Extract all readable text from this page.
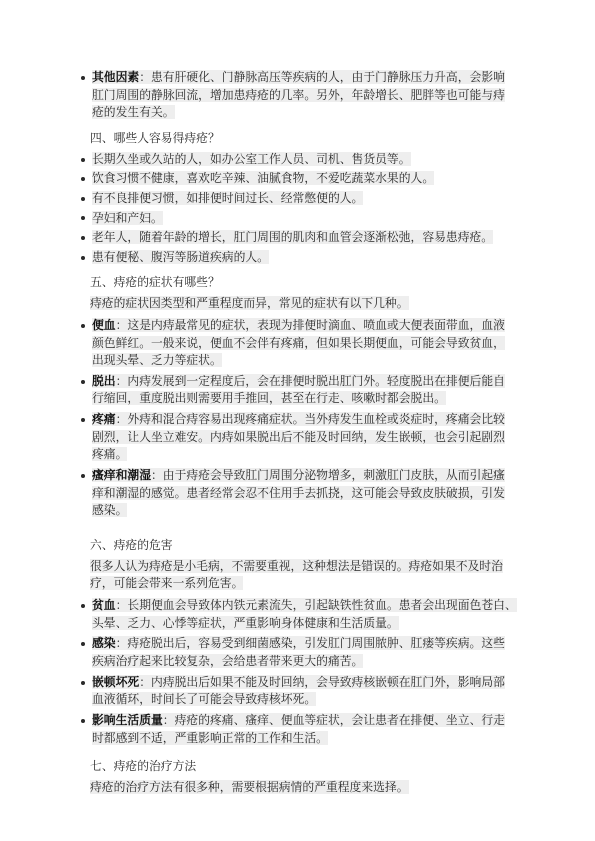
其他因素：患有肝硬化、门静脉高压等疾病的人，由于门静脉压力升高，会影响
肛门周围的静脉回流，增加患痔疮的几率。另外，年龄增长、肥胖等也可能与痔
疮的发生有关。
四、哪些人容易得痔疮？
长期久坐或久站的人，如办公室工作人员、司机、售货员等。
饮食习惯不健康，喜欢吃辛辣、油腻食物，不爱吃蔬菜水果的人。
有不良排便习惯，如排便时间过长、经常憋便的人。
孕妇和产妇。
老年人，随着年龄的增长，肛门周围的肌肉和血管会逐渐松弛，容易患痔疮。
患有便秘、腹泻等肠道疾病的人。
五、痔疮的症状有哪些？
痔疮的症状因类型和严重程度而异，常见的症状有以下几种。
便血：这是内痔最常见的症状，表现为排便时滴血、喷血或大便表面带血，血液
颜色鲜红。一般来说，便血不会伴有疼痛，但如果长期便血，可能会导致贫血，
出现头晕、乏力等症状。
脱出：内痔发展到一定程度后，会在排便时脱出肛门外。轻度脱出在排便后能自
行缩回，重度脱出则需要用手推回，甚至在行走、咳嗽时都会脱出。
疼痛：外痔和混合痔容易出现疼痛症状。当外痔发生血栓或炎症时，疼痛会比较
剧烈，让人坐立难安。内痔如果脱出后不能及时回纳，发生嵌顿，也会引起剧烈
疼痛。
瘙痒和潮湿：由于痔疮会导致肛门周围分泌物增多，刺激肛门皮肤，从而引起瘙
痒和潮湿的感觉。患者经常会忍不住用手去抓挠，这可能会导致皮肤破损，引发
感染。
六、痔疮的危害
很多人认为痔疮是小毛病，不需要重视，这种想法是错误的。痔疮如果不及时治
疗，可能会带来一系列危害。
贫血：长期便血会导致体内铁元素流失，引起缺铁性贫血。患者会出现面色苍白、
头晕、乏力、心悸等症状，严重影响身体健康和生活质量。
感染：痔疮脱出后，容易受到细菌感染，引发肛门周围脓肿、肛瘘等疾病。这些
疾病治疗起来比较复杂，会给患者带来更大的痛苦。
嵌顿坏死：内痔脱出后如果不能及时回纳，会导致痔核嵌顿在肛门外，影响局部
血液循环，时间长了可能会导致痔核坏死。
影响生活质量：痔疮的疼痛、瘙痒、便血等症状，会让患者在排便、坐立、行走
时都感到不适，严重影响正常的工作和生活。
七、痔疮的治疗方法
痔疮的治疗方法有很多种，需要根据病情的严重程度来选择。
